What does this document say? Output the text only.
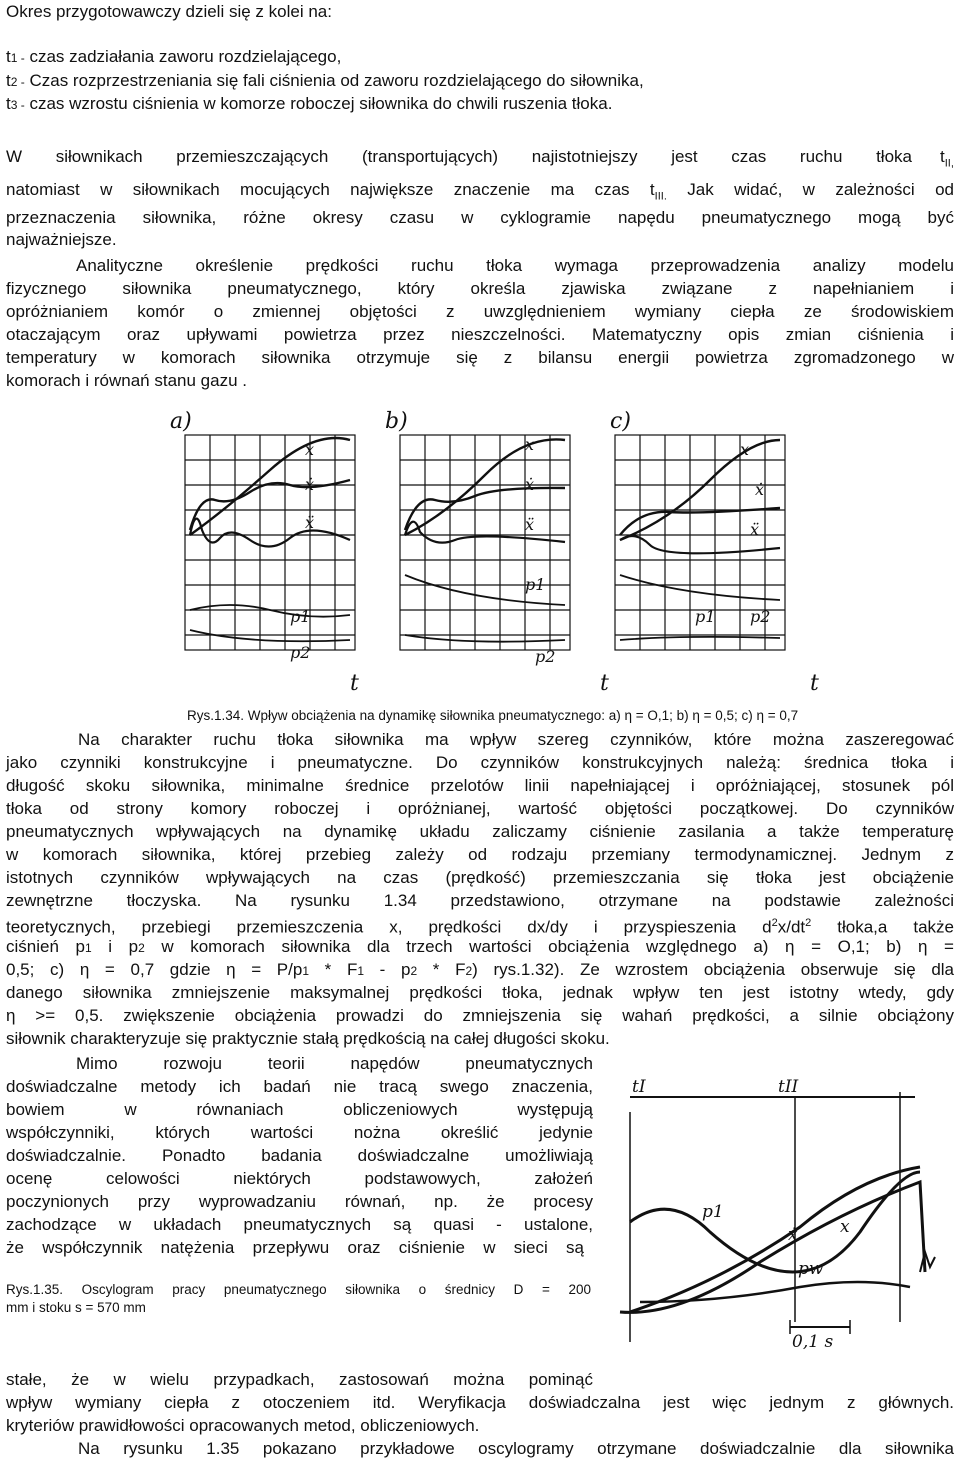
Okres przygotowawczy dzieli się z kolei na:
t1 - czas zadziałania zaworu rozdzielającego,
t2 - Czas rozprzestrzeniania się fali ciśnienia od zaworu rozdzielającego do siłownika,
t3 - czas wzrostu ciśnienia w komorze roboczej siłownika do chwili ruszenia tłoka.
W siłownikach przemieszczających (transportujących) najistotniejszy jest czas ruchu tłoka $t_{II,}$
natomiast w siłownikach mocujących największe znaczenie ma czas $t_{III.}$ Jak widać, w zależności od
przeznaczenia siłownika, różne okresy czasu w cyklogramie napędu pneumatycznego mogą być
najważniejsze.
Analityczne określenie prędkości ruchu tłoka wymaga przeprowadzenia analizy modelu
fizycznego siłownika pneumatycznego, który określa zjawiska związane z napełnianiem i
opróżnianiem komór o zmiennej objętości z uwzględnieniem wymiany ciepła ze środowiskiem
otaczającym oraz upływami powietrza przez nieszczelności. Matematyczny opis zmian ciśnienia i
temperatury w komorach siłownika otrzymuje się z bilansu energii powietrza zgromadzonego w
komorach i równań stanu gazu .
a)	b)	c)
t	t	t
x
ẋ
ẍ
p1
p2
x
ẋ
ẍ
p1
p2
x
ẋ
ẍ
p1 p2
Rys.1.34. Wpływ obciążenia na dynamikę siłownika pneumatycznego: a) η = O,1; b) η = 0,5; c) η = 0,7
Na charakter ruchu tłoka siłownika ma wpływ szereg czynników, które można zaszeregować
jako czynniki konstrukcyjne i pneumatyczne. Do czynników konstrukcyjnych należą: średnica tłoka i
długość skoku siłownika, minimalne średnice przelotów linii napełniającej i opróżniającej, stosunek pól
tłoka od strony komory roboczej i opróżnianej, wartość objętości początkowej. Do czynników
pneumatycznych wpływających na dynamikę układu zaliczamy ciśnienie zasilania a także temperaturę
w komorach siłownika, której przebieg zależy od rodzaju przemiany termodynamicznej. Jednym z
istotnych czynników wpływających na czas (prędkość) przemieszczania się tłoka jest obciążenie
zewnętrzne tłoczyska. Na rysunku 1.34 przedstawiono, otrzymane na podstawie zależności
teoretycznych, przebiegi przemieszczenia x, prędkości dx/dy i przyspieszenia $d^2x/dt^2$ tłoka,a także
ciśnień p1 i p2 w komorach siłownika dla trzech wartości obciążenia względnego a) η = O,1; b) η =
0,5; c) η = 0,7 gdzie η = P/p1 * F1 - p2 * F2) rys.1.32). Ze wzrostem obciążenia obserwuje się dla
danego siłownika zmniejszenie maksymalnej prędkości tłoka, jednak wpływ ten jest istotny wtedy, gdy
η >= 0,5. zwiększenie obciążenia prowadzi do zmniejszenia się wahań prędkości, a silnie obciążony
siłownik charakteryzuje się praktycznie stałą prędkością na całej długości skoku.
Mimo rozwoju teorii napędów pneumatycznych
doświadczalne metody ich badań nie tracą swego znaczenia,
bowiem w równaniach obliczeniowych występują
współczynniki, których wartości nożna określić jedynie
doświadczalnie. Ponadto badania doświadczalne umożliwiają
ocenę celowości niektórych podstawowych, założeń
poczynionych przy wyprowadzaniu równań, np. że procesy
zachodzące w układach pneumatycznych są quasi - ustalone,
że współczynnik natężenia przepływu oraz ciśnienie w sieci są
Rys.1.35. Oscylogram pracy pneumatycznego siłownika o średnicy D = 200
mm i stoku s = 570 mm
tI	tII
p1
ẋ x
pw
0,1 s
stałe, że w wielu przypadkach, zastosowań można pominąć
wpływ wymiany ciepła z otoczeniem itd. Weryfikacja doświadczalna jest więc jednym z głównych.
kryteriów prawidłowości opracowanych metod, obliczeniowych.
Na rysunku 1.35 pokazano przykładowe oscylogramy otrzymane doświadczalnie dla siłownika
